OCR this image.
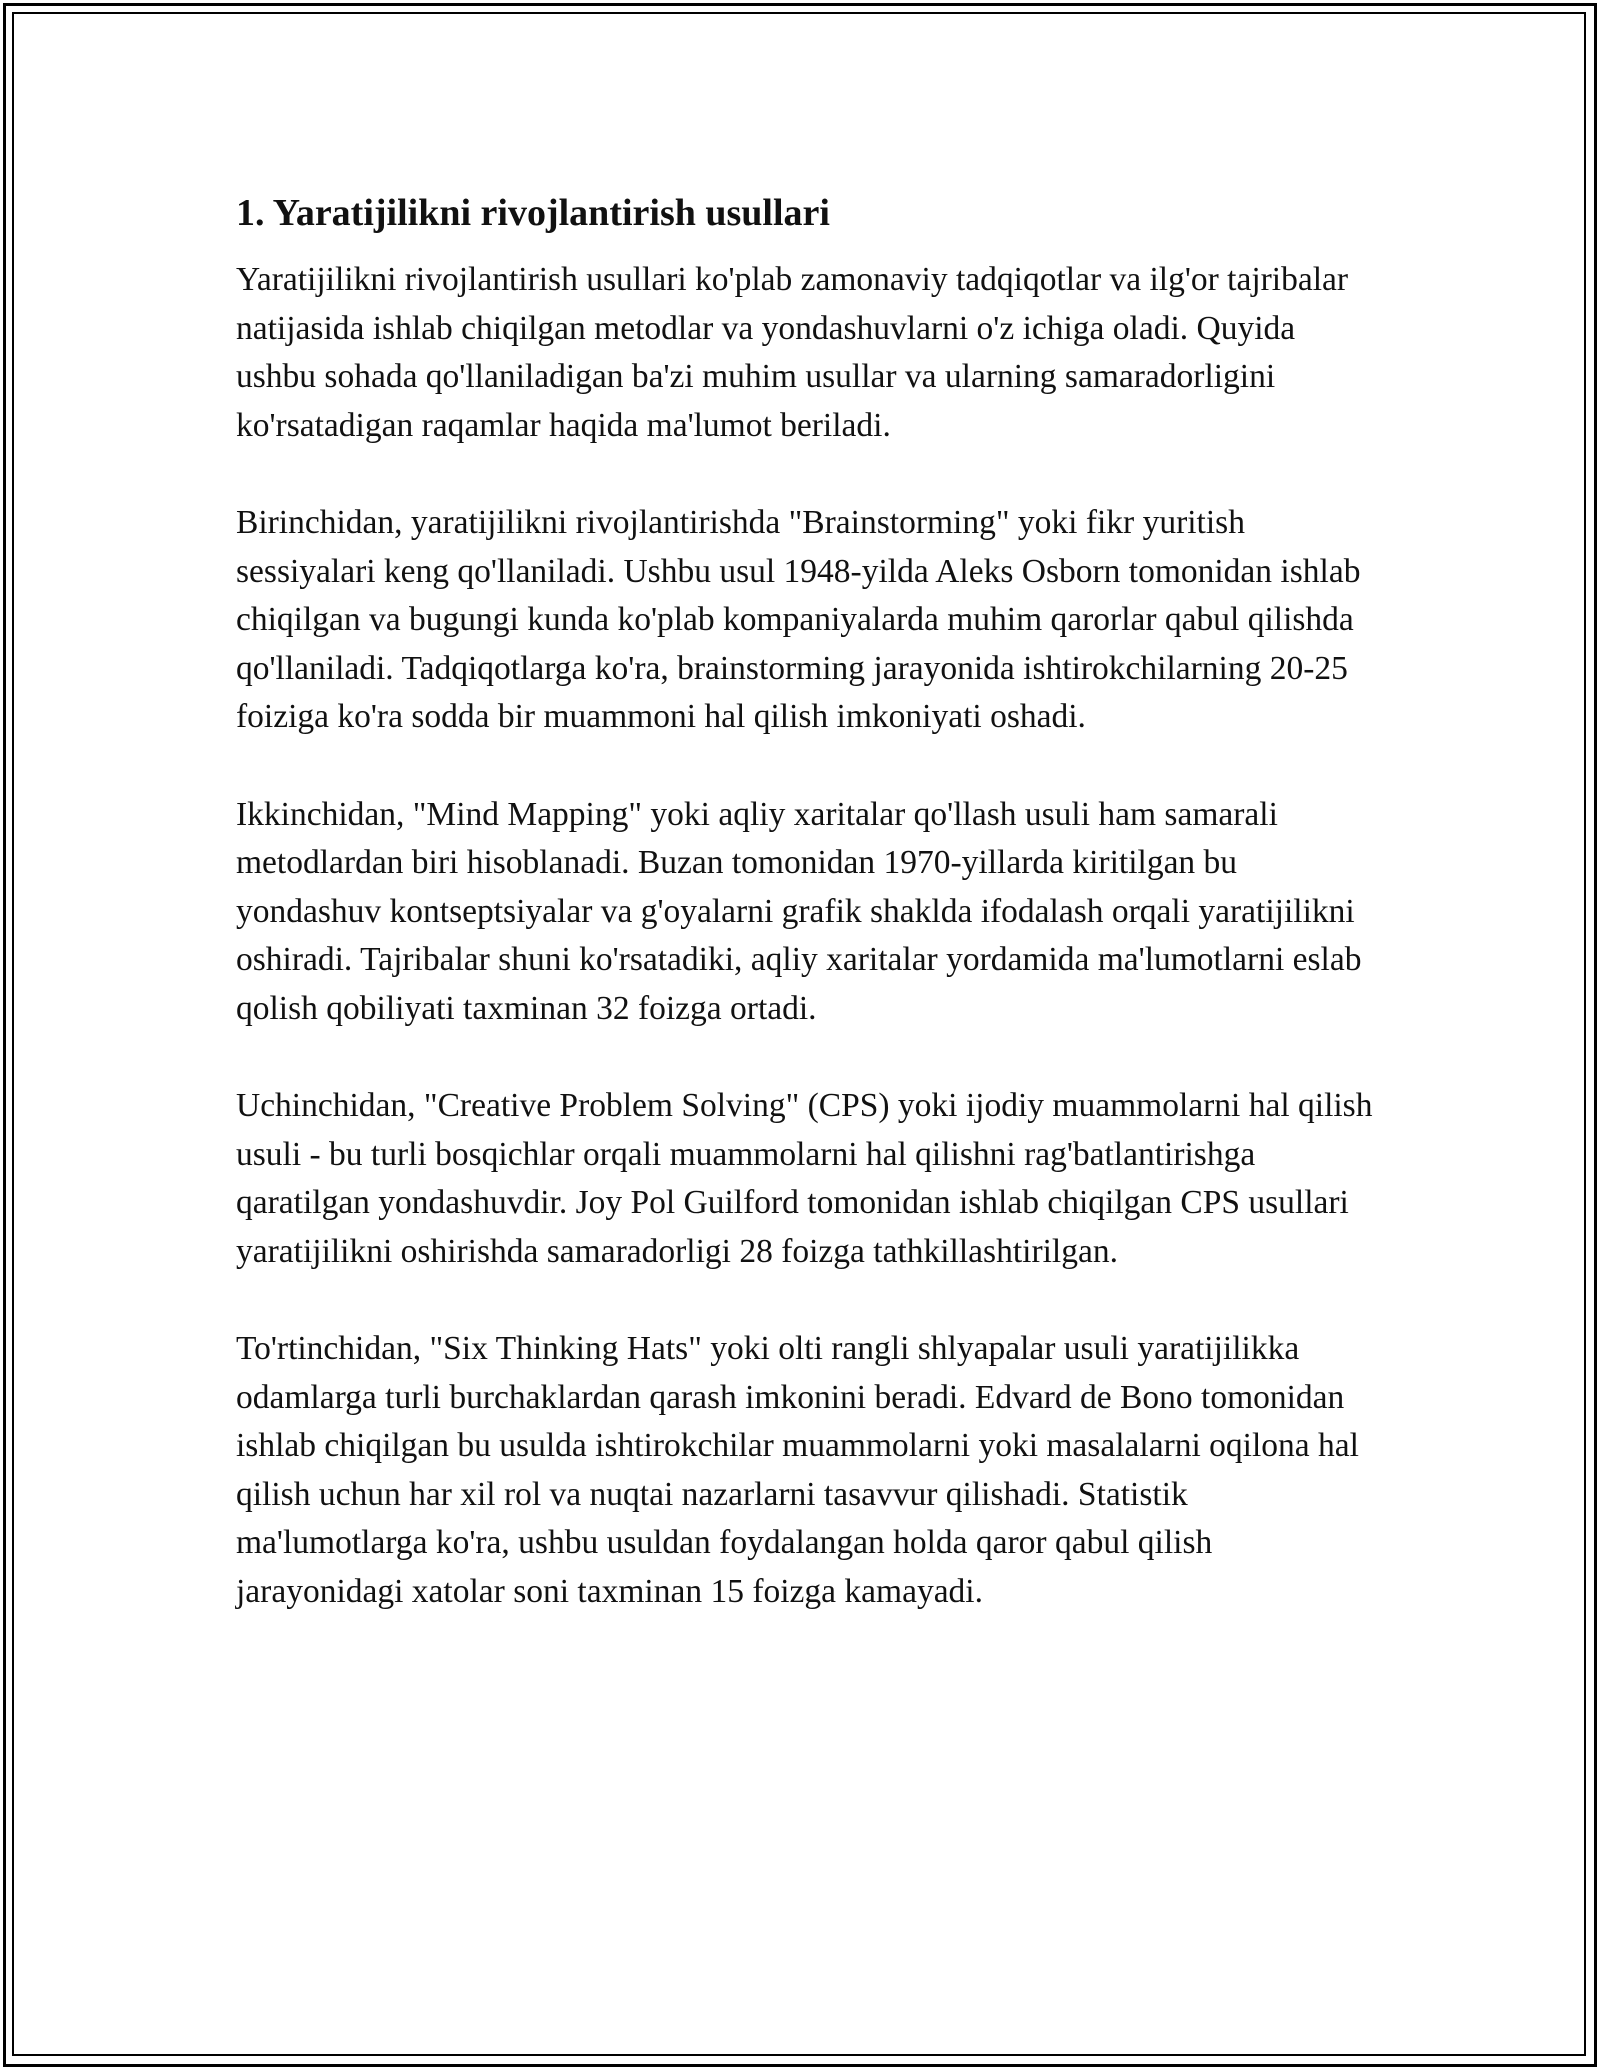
1. Yaratijilikni rivojlantirish usullari

Yaratijilikni rivojlantirish usullari ko'plab zamonaviy tadqiqotlar va ilg'or tajribalar natijasida ishlab chiqilgan metodlar va yondashuvlarni o'z ichiga oladi. Quyida ushbu sohada qo'llaniladigan ba'zi muhim usullar va ularning samaradorligini ko'rsatadigan raqamlar haqida ma'lumot beriladi.

Birinchidan, yaratijilikni rivojlantirishda "Brainstorming" yoki fikr yuritish sessiyalari keng qo'llaniladi. Ushbu usul 1948-yilda Aleks Osborn tomonidan ishlab chiqilgan va bugungi kunda ko'plab kompaniyalarda muhim qarorlar qabul qilishda qo'llaniladi. Tadqiqotlarga ko'ra, brainstorming jarayonida ishtirokchilarning 20-25 foiziga ko'ra sodda bir muammoni hal qilish imkoniyati oshadi.

Ikkinchidan, "Mind Mapping" yoki aqliy xaritalar qo'llash usuli ham samarali metodlardan biri hisoblanadi. Buzan tomonidan 1970-yillarda kiritilgan bu yondashuv kontseptsiyalar va g'oyalarni grafik shaklda ifodalash orqali yaratijilikni oshiradi. Tajribalar shuni ko'rsatadiki, aqliy xaritalar yordamida ma'lumotlarni eslab qolish qobiliyati taxminan 32 foizga ortadi.

Uchinchidan, "Creative Problem Solving" (CPS) yoki ijodiy muammolarni hal qilish usuli - bu turli bosqichlar orqali muammolarni hal qilishni rag'batlantirishga qaratilgan yondashuvdir. Joy Pol Guilford tomonidan ishlab chiqilgan CPS usullari yaratijilikni oshirishda samaradorligi 28 foizga tathkillashtirilgan.

To'rtinchidan, "Six Thinking Hats" yoki olti rangli shlyapalar usuli yaratijilikka odamlarga turli burchaklardan qarash imkonini beradi. Edvard de Bono tomonidan ishlab chiqilgan bu usulda ishtirokchilar muammolarni yoki masalalarni oqilona hal qilish uchun har xil rol va nuqtai nazarlarni tasavvur qilishadi. Statistik ma'lumotlarga ko'ra, ushbu usuldan foydalangan holda qaror qabul qilish jarayonidagi xatolar soni taxminan 15 foizga kamayadi.
